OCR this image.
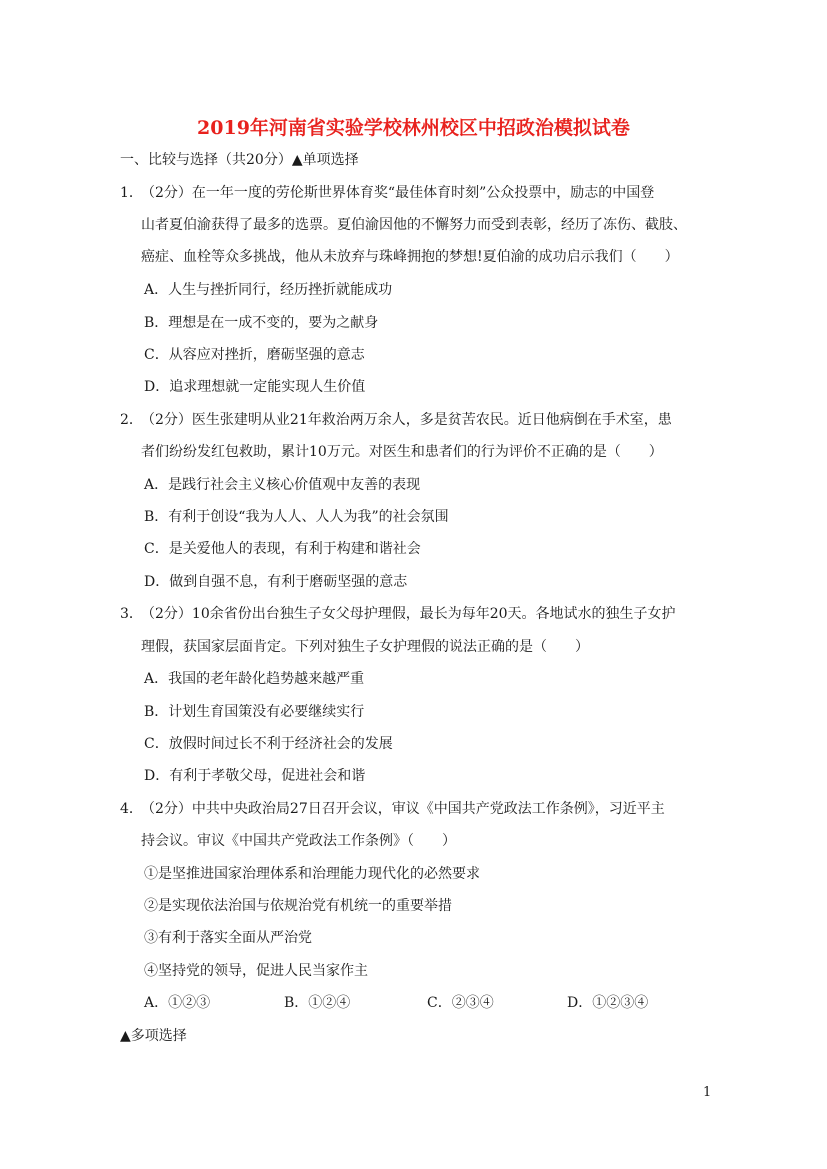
2019年河南省实验学校林州校区中招政治模拟试卷
一、比较与选择（共20分）▲单项选择
1．（2分）在一年一度的劳伦斯世界体育奖“最佳体育时刻”公众投票中，励志的中国登
山者夏伯渝获得了最多的选票。夏伯渝因他的不懈努力而受到表彰，经历了冻伤、截肢、
癌症、血栓等众多挑战，他从未放弃与珠峰拥抱的梦想!夏伯渝的成功启示我们（　　）
A．人生与挫折同行，经历挫折就能成功
B．理想是在一成不变的，要为之献身
C．从容应对挫折，磨砺坚强的意志
D．追求理想就一定能实现人生价值
2．（2分）医生张建明从业21年救治两万余人，多是贫苦农民。近日他病倒在手术室，患
者们纷纷发红包救助，累计10万元。对医生和患者们的行为评价不正确的是（　　）
A．是践行社会主义核心价值观中友善的表现
B．有利于创设“我为人人、人人为我”的社会氛围
C．是关爱他人的表现，有利于构建和谐社会
D．做到自强不息，有利于磨砺坚强的意志
3．（2分）10余省份出台独生子女父母护理假，最长为每年20天。各地试水的独生子女护
理假，获国家层面肯定。下列对独生子女护理假的说法正确的是（　　）
A．我国的老年龄化趋势越来越严重
B．计划生育国策没有必要继续实行
C．放假时间过长不利于经济社会的发展
D．有利于孝敬父母，促进社会和谐
4．（2分）中共中央政治局27日召开会议，审议《中国共产党政法工作条例》，习近平主
持会议。审议《中国共产党政法工作条例》（　　）
①是坚推进国家治理体系和治理能力现代化的必然要求
②是实现依法治国与依规治党有机统一的重要举措
③有利于落实全面从严治党
④坚持党的领导，促进人民当家作主
A．①②③	B．①②④	C．②③④	D．①②③④
▲多项选择
1
